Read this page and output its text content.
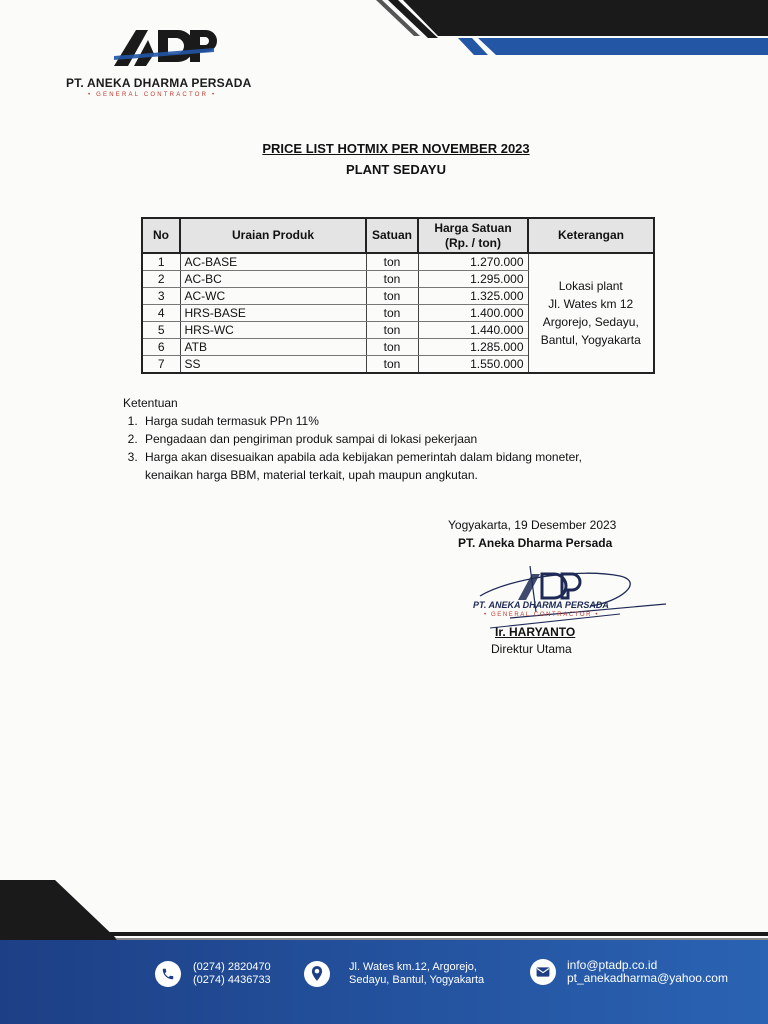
PT. ANEKA DHARMA PERSADA
• GENERAL CONTRACTOR •
PRICE LIST HOTMIX PER NOVEMBER 2023
PLANT SEDAYU
No	Uraian Produk	Satuan	Harga Satuan
(Rp. / ton)	Keterangan
1	AC-BASE	ton	1.270.000	Lokasi plant
Jl. Wates km 12
Argorejo, Sedayu,
Bantul, Yogyakarta
2	AC-BC	ton	1.295.000	
3	AC-WC	ton	1.325.000	
4	HRS-BASE	ton	1.400.000	
5	HRS-WC	ton	1.440.000	
6	ATB	ton	1.285.000	
7	SS	ton	1.550.000	
Ketentuan
1. Harga sudah termasuk PPn 11%
2. Pengadaan dan pengiriman produk sampai di lokasi pekerjaan
3. Harga akan disesuaikan apabila ada kebijakan pemerintah dalam bidang moneter, kenaikan harga BBM, material terkait, upah maupun angkutan.
Yogyakarta, 19 Desember 2023
PT. Aneka Dharma Persada
PT. ANEKA DHARMA PERSADA
• GENERAL CONTRACTOR •
Ir. HARYANTO
Direktur Utama
(0274) 2820470
(0274) 4436733
Jl. Wates km.12, Argorejo,
Sedayu, Bantul, Yogyakarta
info@ptadp.co.id
pt_anekadharma@yahoo.com
